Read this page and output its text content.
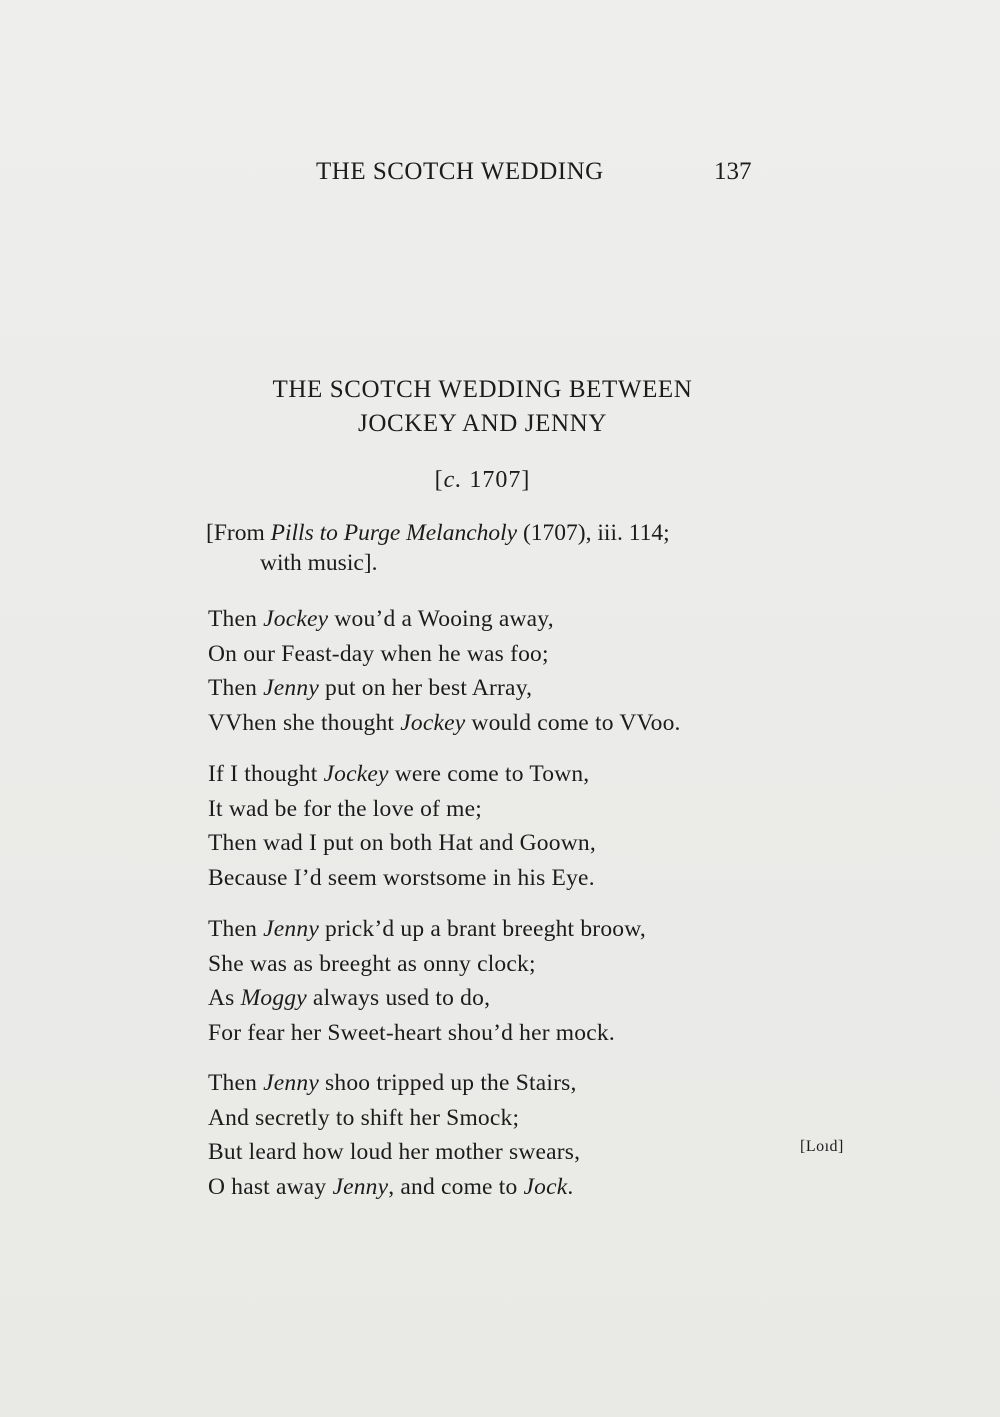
THE SCOTCH WEDDING	137
THE SCOTCH WEDDING BETWEEN
JOCKEY AND JENNY
[c. 1707]
[From Pills to Purge Melancholy (1707), iii. 114;
with music].
Then Jockey wou’d a Wooing away,
On our Feast-day when he was foo;
Then Jenny put on her best Array,
VVhen she thought Jockey would come to VVoo.
If I thought Jockey were come to Town,
It wad be for the love of me;
Then wad I put on both Hat and Goown,
Because I’d seem worstsome in his Eye.
Then Jenny prick’d up a brant breeght broow,
She was as breeght as onny clock;
As Moggy always used to do,
For fear her Sweet-heart shou’d her mock.
Then Jenny shoo tripped up the Stairs,
And secretly to shift her Smock;
But leard how loud her mother swears,
O hast away Jenny, and come to Jock.
[Loıd]
